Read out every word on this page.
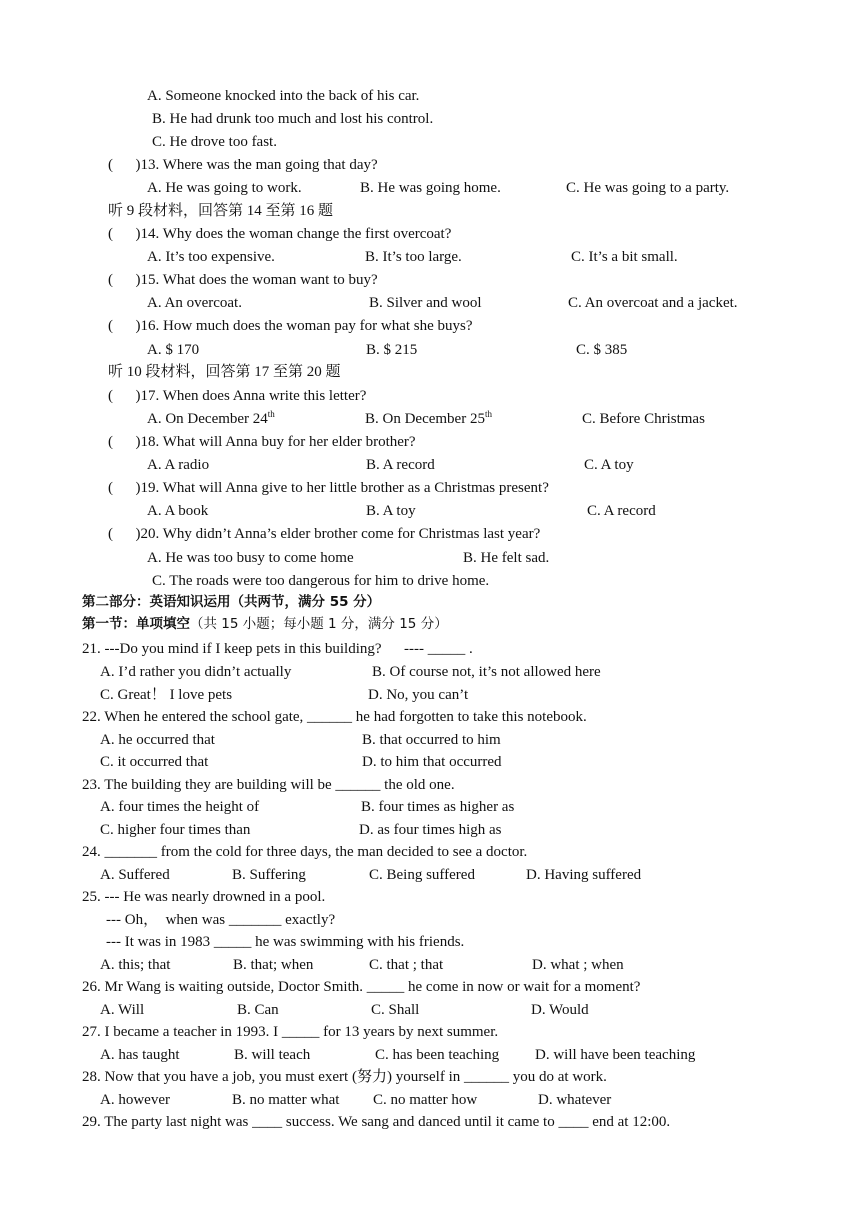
A. Someone knocked into the back of his car.
B. He had drunk too much and lost his control.
C. He drove too fast.
(      )13. Where was the man going that day?
A. He was going to work.	B. He was going home.	C. He was going to a party.
听 9 段材料，回答第 14 至第 16 题
(      )14. Why does the woman change the first overcoat?
A. It’s too expensive.	B. It’s too large.	C. It’s a bit small.
(      )15. What does the woman want to buy?
A. An overcoat.	B. Silver and wool	C. An overcoat and a jacket.
(      )16. How much does the woman pay for what she buys?
A. $ 170	B. $ 215	C. $ 385
听 10 段材料，回答第 17 至第 20 题
(      )17. When does Anna write this letter?
A. On December 24th	B. On December 25th	C. Before Christmas
(      )18. What will Anna buy for her elder brother?
A. A radio	B. A record	C. A toy
(      )19. What will Anna give to her little brother as a Christmas present?
A. A book	B. A toy	C. A record
(      )20. Why didn’t Anna’s elder brother come for Christmas last year?
A. He was too busy to come home	B. He felt sad.
C. The roads were too dangerous for him to drive home.
第二部分：英语知识运用（共两节，满分 55 分）
第一节：单项填空（共 15 小题；每小题 1 分，满分 15 分）
21. ---Do you mind if I keep pets in this building?      ---- _____ .
A. I’d rather you didn’t actually	B. Of course not, it’s not allowed here
C. Great！ I love pets	D. No, you can’t
22. When he entered the school gate, ______ he had forgotten to take this notebook.
A. he occurred that	B. that occurred to him
C. it occurred that	D. to him that occurred
23. The building they are building will be ______ the old one.
A. four times the height of	B. four times as higher as
C. higher four times than	D. as four times high as
24. _______ from the cold for three days, the man decided to see a doctor.
A. Suffered	B. Suffering	C. Being suffered	D. Having suffered
25. --- He was nearly drowned in a pool.
--- Oh，  when was _______ exactly?
--- It was in 1983 _____ he was swimming with his friends.
A. this; that	B. that; when	C. that ; that	D. what ; when
26. Mr Wang is waiting outside, Doctor Smith. _____ he come in now or wait for a moment?
A. Will	B. Can	C. Shall	D. Would
27. I became a teacher in 1993. I _____ for 13 years by next summer.
A. has taught	B. will teach	C. has been teaching D. will have been teaching
28. Now that you have a job, you must exert (努力) yourself in ______ you do at work.
A. however	B. no matter what C. no matter how	D. whatever
29. The party last night was ____ success. We sang and danced until it came to ____ end at 12:00.
